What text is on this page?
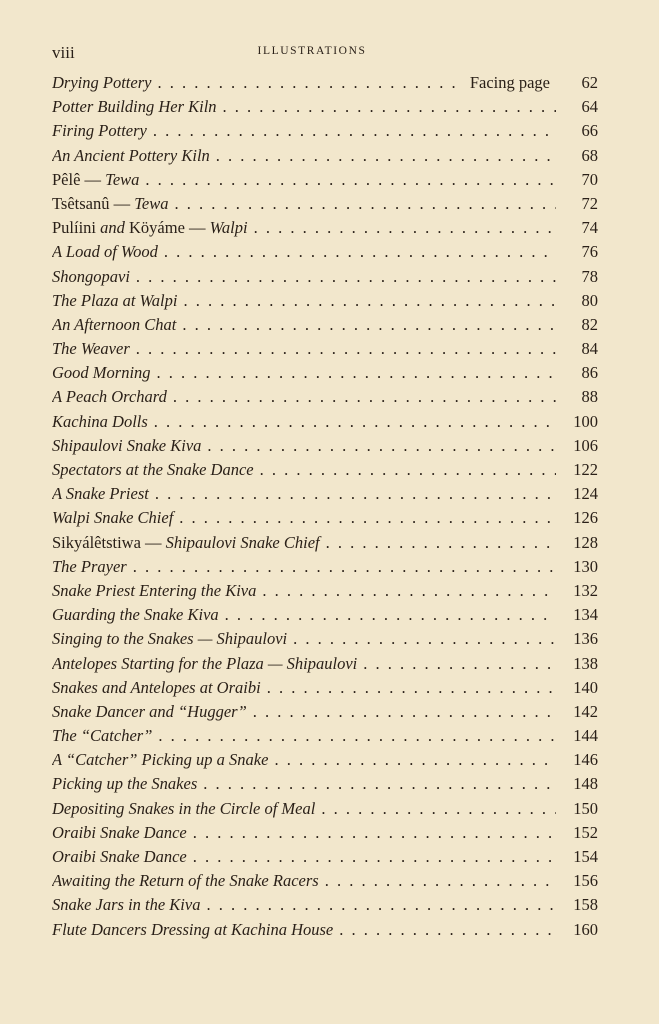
viii	ILLUSTRATIONS
Drying Pottery . . .	Facing page	62
Potter Building Her Kiln . . .	64
Firing Pottery . . .	66
An Ancient Pottery Kiln . . .	68
Pêlê — Tewa . . .	70
Tsêtsanû — Tewa . . .	72
Pulíini and Köyáme — Walpi . . .	74
A Load of Wood . . .	76
Shongopavi . . .	78
The Plaza at Walpi . . .	80
An Afternoon Chat . . .	82
The Weaver . . .	84
Good Morning . . .	86
A Peach Orchard . . .	88
Kachina Dolls . . .	100
Shipaulovi Snake Kiva . . .	106
Spectators at the Snake Dance . . .	122
A Snake Priest . . .	124
Walpi Snake Chief . . .	126
Sikyálêtstiwa — Shipaulovi Snake Chief . . .	128
The Prayer . . .	130
Snake Priest Entering the Kiva . . .	132
Guarding the Snake Kiva . . .	134
Singing to the Snakes — Shipaulovi . . .	136
Antelopes Starting for the Plaza — Shipaulovi . . .	138
Snakes and Antelopes at Oraibi . . .	140
Snake Dancer and “Hugger” . . .	142
The “Catcher” . . .	144
A “Catcher” Picking up a Snake . . .	146
Picking up the Snakes . . .	148
Depositing Snakes in the Circle of Meal . . .	150
Oraibi Snake Dance . . .	152
Oraibi Snake Dance . . .	154
Awaiting the Return of the Snake Racers . . .	156
Snake Jars in the Kiva . . .	158
Flute Dancers Dressing at Kachina House . . .	160
